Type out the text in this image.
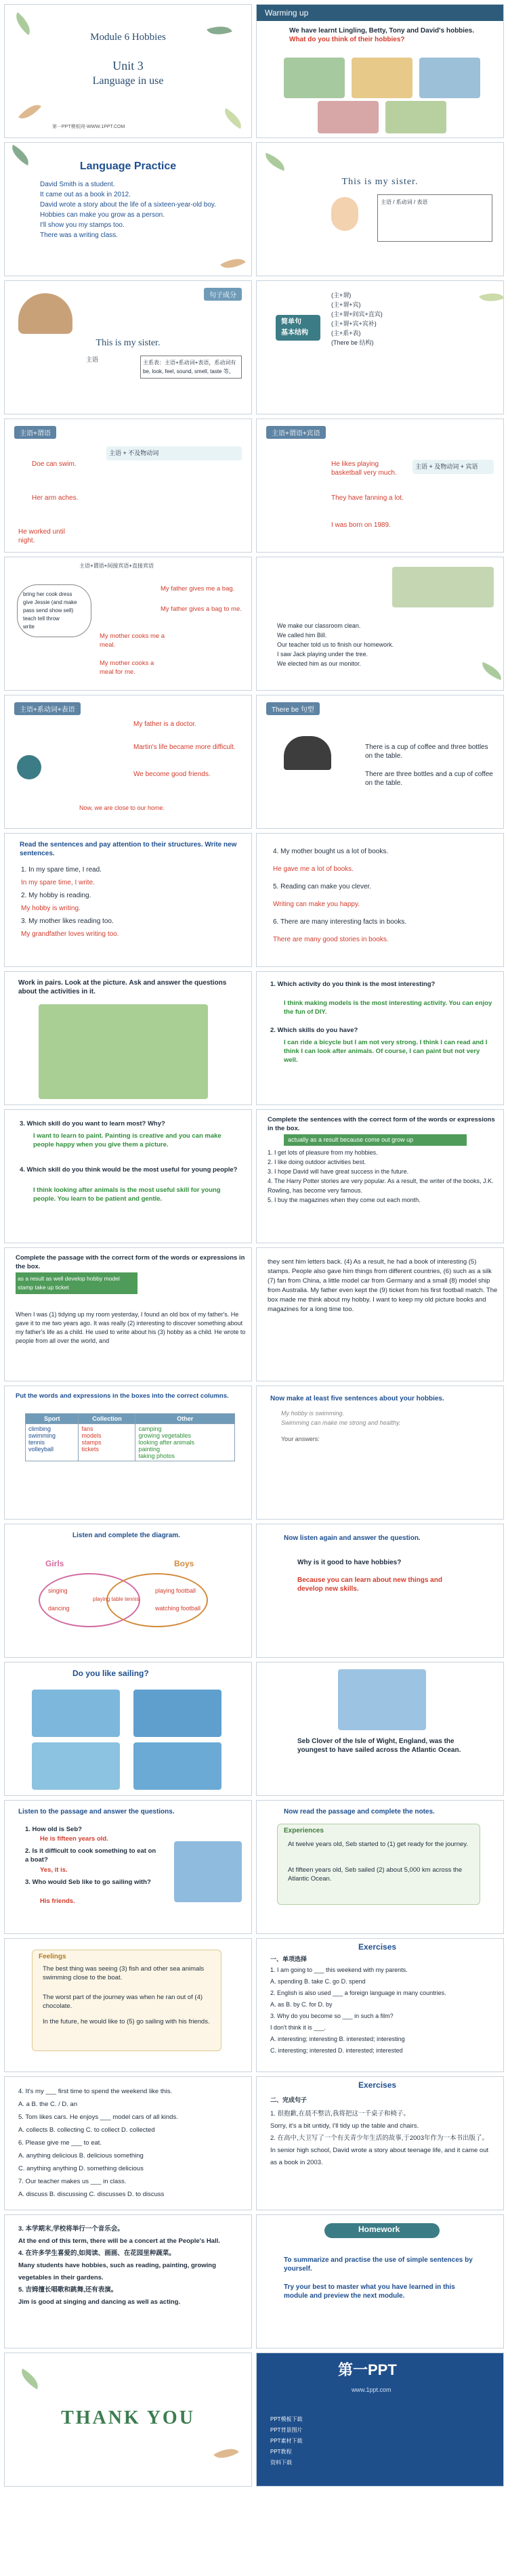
Module 6 Hobbies
Unit 3
Language in use
第一PPT模板网-WWW.1PPT.COM
Warming up
We have learnt Lingling, Betty, Tony and David's hobbies. What do you think of their hobbies?
Language Practice
David Smith is a student.
It came out as a book in 2012.
David wrote a story about the life of a sixteen-year-old boy.
Hobbies can make you grow as a person.
I'll show you my stamps too.
There was a writing class.
This is my sister.
主语 / 系动词 / 表语
句子成分
This is my sister.
主语	主系表：主语+系动词+表语，系动词有 be, look, feel, sound, smell, taste 等。
简单句
基本结构
(主+谓)
(主+谓+宾)
(主+谓+间宾+直宾)
(主+谓+宾+宾补)
(主+系+表)
(There be 结构)
主语+谓语
Doe can swim.
Her arm aches.
He worked until night.
主语 + 不及物动词
主语+谓语+宾语
He likes playing basketball very much.
They have fanning a lot.
I was born on 1989.
主语 + 及物动词 + 宾语
主语+谓语+间接宾语+直接宾语
bring her cook dress
give Jessie (and make
pass send show sell)
teach tell throw
write
My father gives me a bag.
My father gives a bag to me.
My mother cooks me a meal.
My mother cooks a meal for me.
We make our classroom clean.
We called him Bill.
Our teacher told us to finish our homework.
I saw Jack playing under the tree.
We elected him as our monitor.
主语+系动词+表语
My father is a doctor.
Martin's life became more difficult.
We become good friends.
Now, we are close to our home.
There be 句型
There is a cup of coffee and three bottles on the table.
There are three bottles and a cup of coffee on the table.
Read the sentences and pay attention to their structures. Write new sentences.
1. In my spare time, I read.
In my spare time, I write.
2. My hobby is reading.
My hobby is writing.
3. My mother likes reading too.
My grandfather loves writing too.
4. My mother bought us a lot of books.
He gave me a lot of books.
5. Reading can make you clever.
Writing can make you happy.
6. There are many interesting facts in books.
There are many good stories in books.
Work in pairs. Look at the picture. Ask and answer the questions about the activities in it.
1. Which activity do you think is the most interesting?
I think making models is the most interesting activity. You can enjoy the fun of DIY.
2. Which skills do you have?
I can ride a bicycle but I am not very strong. I think I can read and I think I can look after animals. Of course, I can paint but not very well.
3. Which skill do you want to learn most? Why?
I want to learn to paint. Painting is creative and you can make people happy when you give them a picture.
4. Which skill do you think would be the most useful for young people?
I think looking after animals is the most useful skill for young people. You learn to be patient and gentle.
Complete the sentences with the correct form of the words or expressions in the box.
actually as a result because come out grow up
1. I get lots of pleasure from my hobbies.
2. I like doing outdoor activities best.
3. I hope David will have great success in the future.
4. The Harry Potter stories are very popular. As a result, the writer of the books, J.K. Rowling, has become very famous.
5. I buy the magazines when they come out each month.
Complete the passage with the correct form of the words or expressions in the box.
as a result as well develop hobby model stamp take up ticket
When I was (1) tidying up my room yesterday, I found an old box of my father's. He gave it to me two years ago. It was really (2) interesting to discover something about my father's life as a child. He used to write about his (3) hobby as a child. He wrote to people from all over the world, and
they sent him letters back. (4) As a result, he had a book of interesting (5) stamps. People also gave him things from different countries, (6) such as a silk (7) fan from China, a little model car from Germany and a small (8) model ship from Australia. My father even kept the (9) ticket from his first football match. The box made me think about my hobby. I want to keep my old picture books and magazines for a long time too.
Put the words and expressions in the boxes into the correct columns.
Sport	Collection	Other

climbing
swimming
tennis
volleyball	fans
models
stamps
tickets	camping
growing vegetables
looking after animals
painting
taking photos
Now make at least five sentences about your hobbies.
My hobby is swimming.
Swimming can make me strong and healthy.
Your answers:
Listen and complete the diagram.
Girls	Boys
singing
dancing
playing table tennis
playing football
watching football
Now listen again and answer the question.
Why is it good to have hobbies?
Because you can learn about new things and develop new skills.
Do you like sailing?
Seb Clover of the Isle of Wight, England, was the youngest to have sailed across the Atlantic Ocean.
Listen to the passage and answer the questions.
1. How old is Seb?
He is fifteen years old.
2. Is it difficult to cook something to eat on a boat?
Yes, it is.
3. Who would Seb like to go sailing with?
His friends.
Now read the passage and complete the notes.
Experiences
At twelve years old, Seb started to (1) get ready for the journey.
At fifteen years old, Seb sailed (2) about 5,000 km across the Atlantic Ocean.
Feelings
The best thing was seeing (3) fish and other sea animals swimming close to the boat.
The worst part of the journey was when he ran out of (4) chocolate.
In the future, he would like to (5) go sailing with his friends.
Exercises
一、单项选择
1. I am going to ___ this weekend with my parents.
A. spending B. take C. go D. spend
2. English is also used ___ a foreign language in many countries.
A. as B. by C. for D. by
3. Why do you become so ___ in such a film?
I don't think it is ___.
A. interesting; interesting B. interested; interesting
C. interesting; interested D. interested; interested
4. It's my ___ first time to spend the weekend like this.
A. a B. the C. / D. an
5. Tom likes cars. He enjoys ___ model cars of all kinds.
A. collects B. collecting C. to collect D. collected
6. Please give me ___ to eat.
A. anything delicious B. delicious something
C. anything anything D. something delicious
7. Our teacher makes us ___ in class.
A. discuss B. discussing C. discusses D. to discuss
Exercises
二、完成句子
1. 很抱歉,在晨不整洁,我将把这一千桌子和椅子。
Sorry, it's a bit untidy, I'll tidy up the table and chairs.
2. 在高中,大卫写了一个有关青少年生活的故事,于2003年作为一本书出版了。
In senior high school, David wrote a story about teenage life, and it came out as a book in 2003.
3. 本学期末,学校将举行一个音乐会。
At the end of this term, there will be a concert at the People's Hall.
4. 在许多学生喜爱的,如阅读、画画、在花园里种蔬菜。
Many students have hobbies, such as reading, painting, growing vegetables in their gardens.
5. 吉姆擅长唱歌和跳舞,还有表演。
Jim is good at singing and dancing as well as acting.
Homework
To summarize and practise the use of simple sentences by yourself.
Try your best to master what you have learned in this module and preview the next module.
THANK YOU
第一PPT
www.1ppt.com
PPT模板下载
PPT背景图片
PPT素材下载
PPT教程
资料下载
